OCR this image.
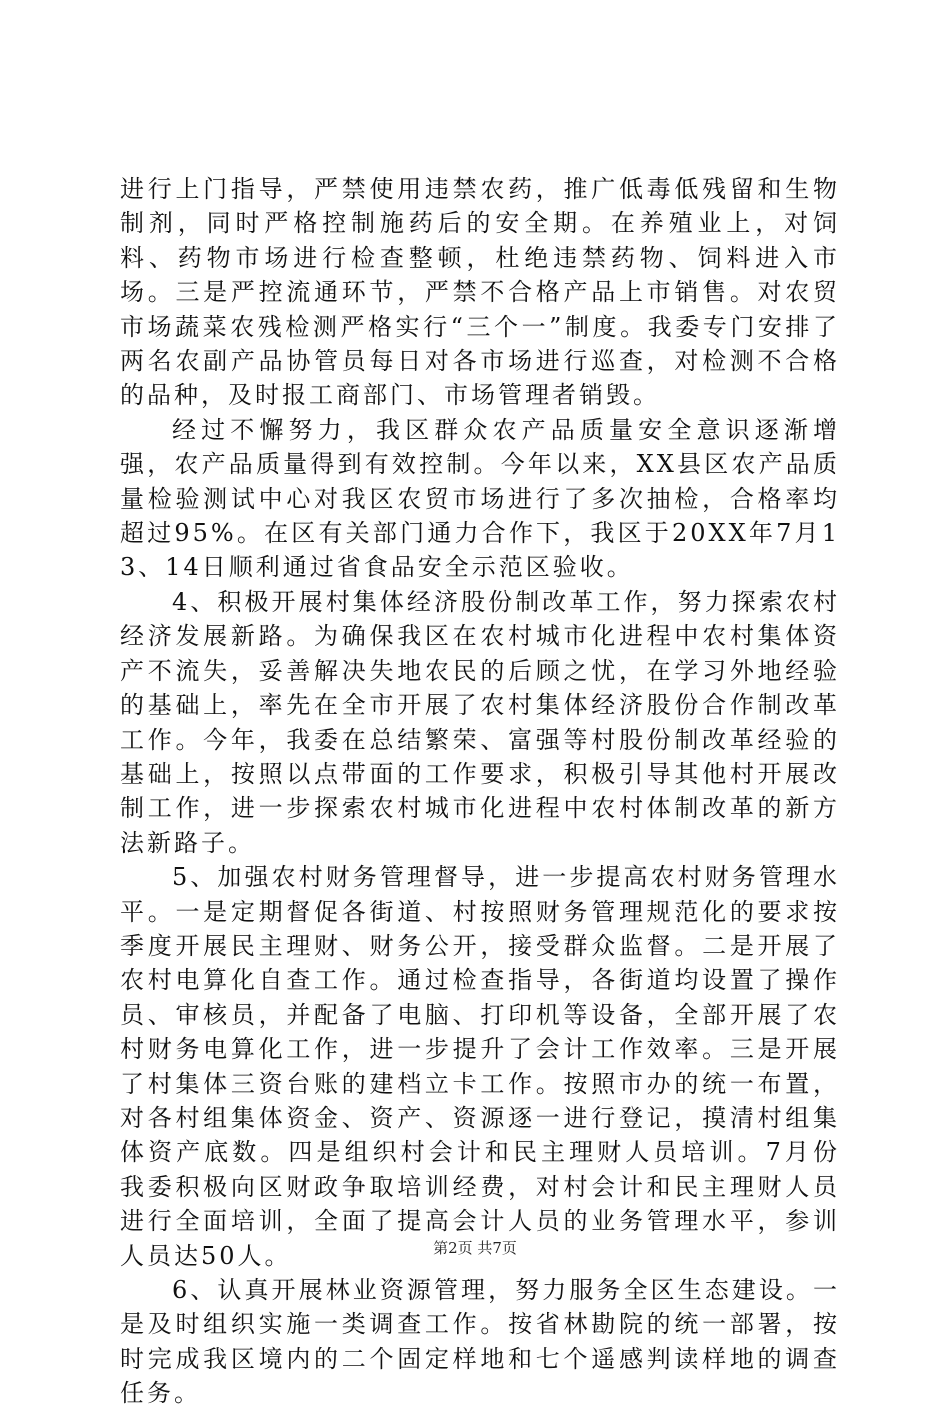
进行上门指导，严禁使用违禁农药，推广低毒低残留和生物制剂，同时严格控制施药后的安全期。在养殖业上，对饲料、药物市场进行检查整顿，杜绝违禁药物、饲料进入市场。三是严控流通环节，严禁不合格产品上市销售。对农贸市场蔬菜农残检测严格实行“三个一”制度。我委专门安排了两名农副产品协管员每日对各市场进行巡查，对检测不合格的品种，及时报工商部门、市场管理者销毁。

经过不懈努力，我区群众农产品质量安全意识逐渐增强，农产品质量得到有效控制。今年以来，XX县区农产品质量检验测试中心对我区农贸市场进行了多次抽检，合格率均超过95%。在区有关部门通力合作下，我区于20XX年7月13、14日顺利通过省食品安全示范区验收。

4、积极开展村集体经济股份制改革工作，努力探索农村经济发展新路。为确保我区在农村城市化进程中农村集体资产不流失，妥善解决失地农民的后顾之忧，在学习外地经验的基础上，率先在全市开展了农村集体经济股份合作制改革工作。今年，我委在总结繁荣、富强等村股份制改革经验的基础上，按照以点带面的工作要求，积极引导其他村开展改制工作，进一步探索农村城市化进程中农村体制改革的新方法新路子。

5、加强农村财务管理督导，进一步提高农村财务管理水平。一是定期督促各街道、村按照财务管理规范化的要求按季度开展民主理财、财务公开，接受群众监督。二是开展了农村电算化自查工作。通过检查指导，各街道均设置了操作员、审核员，并配备了电脑、打印机等设备，全部开展了农村财务电算化工作，进一步提升了会计工作效率。三是开展了村集体三资台账的建档立卡工作。按照市办的统一布置，对各村组集体资金、资产、资源逐一进行登记，摸清村组集体资产底数。四是组织村会计和民主理财人员培训。7月份我委积极向区财政争取培训经费，对村会计和民主理财人员进行全面培训，全面了提高会计人员的业务管理水平，参训人员达50人。

6、认真开展林业资源管理，努力服务全区生态建设。一是及时组织实施一类调查工作。按省林勘院的统一部署，按时完成我区境内的二个固定样地和七个遥感判读样地的调查任务。

第2页 共7页
